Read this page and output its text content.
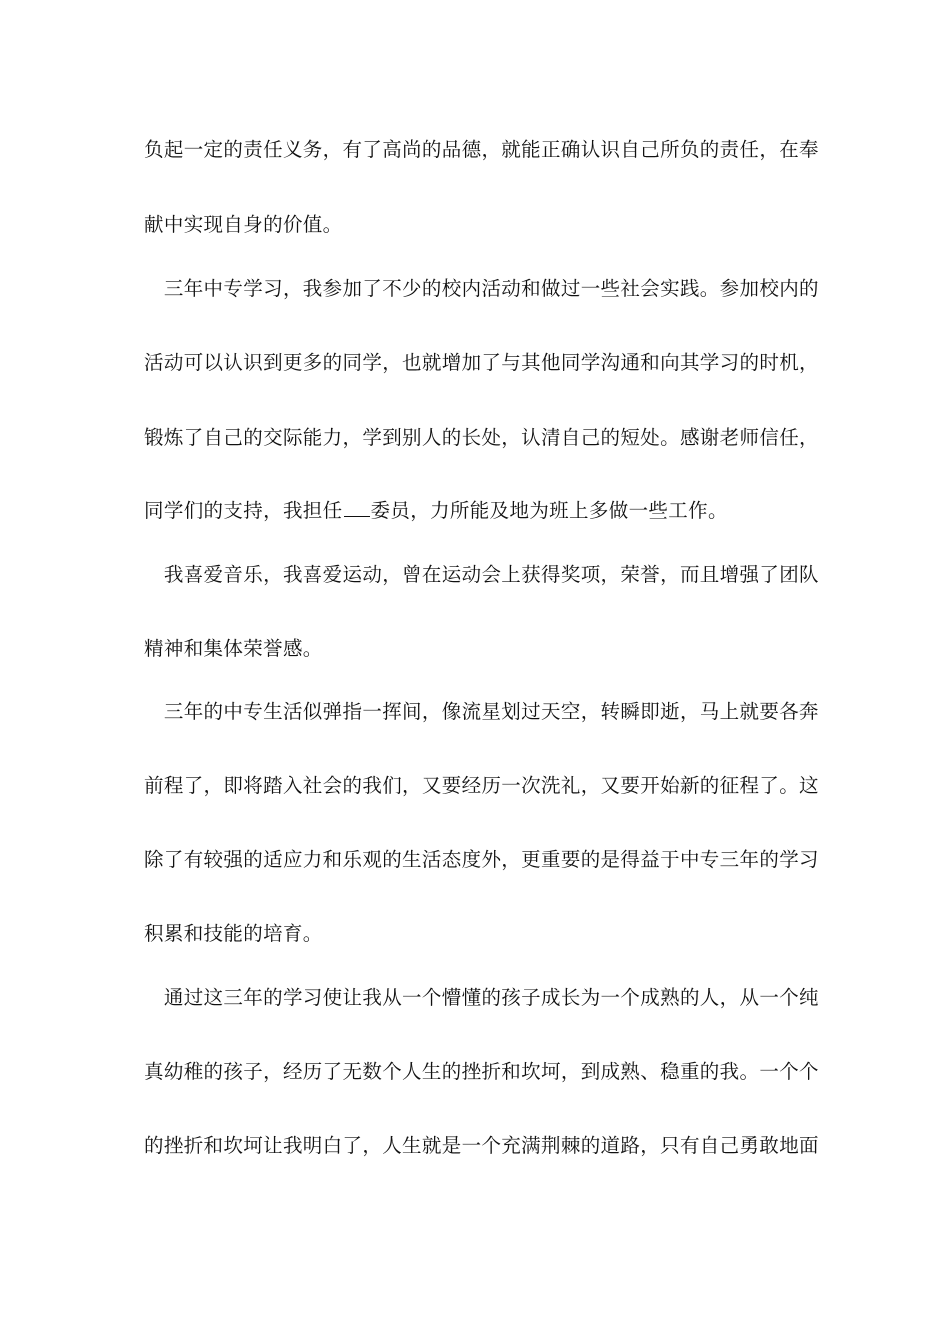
负起一定的责任义务，有了高尚的品德，就能正确认识自己所负的责任，在奉
献中实现自身的价值。
　三年中专学习，我参加了不少的校内活动和做过一些社会实践。参加校内的
活动可以认识到更多的同学，也就增加了与其他同学沟通和向其学习的时机，
锻炼了自己的交际能力，学到别人的长处，认清自己的短处。感谢老师信任，
同学们的支持，我担任 委员，力所能及地为班上多做一些工作。
　我喜爱音乐，我喜爱运动，曾在运动会上获得奖项，荣誉，而且增强了团队
精神和集体荣誉感。
　三年的中专生活似弹指一挥间，像流星划过天空，转瞬即逝，马上就要各奔
前程了，即将踏入社会的我们，又要经历一次洗礼，又要开始新的征程了。这
除了有较强的适应力和乐观的生活态度外，更重要的是得益于中专三年的学习
积累和技能的培育。
　通过这三年的学习使让我从一个懵懂的孩子成长为一个成熟的人，从一个纯
真幼稚的孩子，经历了无数个人生的挫折和坎坷，到成熟、稳重的我。一个个
的挫折和坎坷让我明白了，人生就是一个充满荆棘的道路，只有自己勇敢地面
